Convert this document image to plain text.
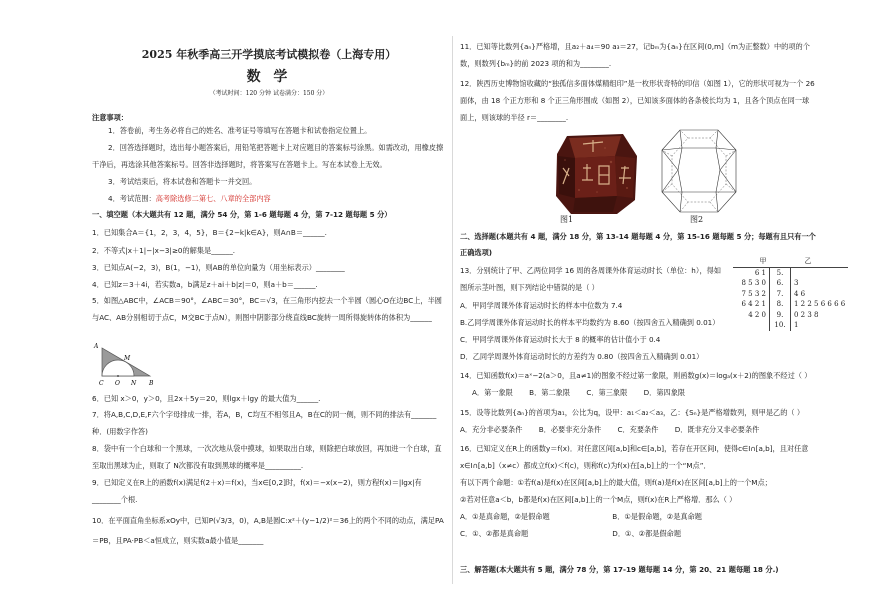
2025 年秋季高三开学摸底考试模拟卷（上海专用）
数 学
（考试时间：120 分钟 试卷满分：150 分）
注意事项：
1．答卷前，考生务必将自己的姓名、准考证号等填写在答题卡和试卷指定位置上。
2．回答选择题时，选出每小题答案后，用铅笔把答题卡上对应题目的答案标号涂黑。如需改动，用橡皮擦干净后，再选涂其他答案标号。回答非选择题时，将答案写在答题卡上。写在本试卷上无效。
3．考试结束后，将本试卷和答题卡一并交回。
4．考试范围：高考除选修二第七、八章的全部内容
一、填空题（本大题共有 12 题，满分 54 分，第 1-6 题每题 4 分，第 7-12 题每题 5 分）
1．已知集合A＝{1，2，3，4，5}，B＝{2−k|k∈A}，则A∩B＝______.
2．不等式|x＋1|−|x−3|≥0的解集是______.
3．已知点A(−2，3)，B(1，−1)，则AB的单位向量为（用坐标表示）________
4．已知z＝3＋4i，若实数a，b满足z＋ai＋b|z|＝0，则a＋b＝______.
5．如图△ABC中，∠ACB＝90°，∠ABC＝30°，BC＝√3，在三角形内挖去一个半圆（圆心O在边BC上，半圆与AC、AB分别相切于点C，M交BC于点N），则图中阴影部分绕直线BC旋转一周所得旋转体的体积为______
A
M
C O N B
6．已知 x＞0，y＞0，且2x＋5y＝20，则lgx＋lgy 的最大值为______.
7．将A,B,C,D,E,F六个字母排成一排，若A，B，C均互不相邻且A，B在C的同一侧，则不同的排法有_______种．(用数字作答)
8．袋中有一个白球和一个黑球，一次次地从袋中摸球，如果取出白球，则除把白球放回，再加进一个白球，直至取出黑球为止，则取了 N次都没有取到黑球的概率是__________.
9．已知定义在R上的函数f(x)满足f(2＋x)＝f(x)，当x∈[0,2]时，f(x)＝−x(x−2)，则方程f(x)＝|lgx|有________个根.
10．在平面直角坐标系xOy中，已知P(√3/3，0)，A,B是圆C:x²＋(y−1/2)²＝36上的两个不同的动点，满足PA＝PB，且PA·PB＜a恒成立，则实数a最小值是_______
11．已知等比数列{aₙ}严格增，且a₂＋a₄＝90 a₃＝27，记bₘ为{aₙ}在区间(0,m]（m为正整数）中的项的个数，则数列{bₘ}的前 2023 项的和为________.
12．陕西历史博物馆收藏的“独孤信多面体煤精组印”是一枚形状奇特的印信（如图 1），它的形状可视为一个 26面体，由 18 个正方形和 8 个正三角形围成（如图 2），已知该多面体的各条棱长均为 1，且各个顶点在同一球面上，则该球的半径 r＝________.
图1	图2
二、选择题(本题共有 4 题，满分 18 分，第 13-14 题每题 4 分，第 15-16 题每题 5 分；每题有且只有一个正确选项)
13．分别统计了甲、乙两位同学 16 周的各周课外体育运动时长（单位：h），得如图所示茎叶图，则下列结论中错误的是（ ）
A．甲同学周课外体育运动时长的样本中位数为 7.4
B.乙同学周课外体育运动时长的样本平均数约为 8.60（按四舍五入精确到 0.01）
C．甲同学周课外体育运动时长大于 8 的概率的估计值小于 0.4
D．乙同学周课外体育运动时长的方差约为 0.80（按四舍五入精确到 0.01）
甲		乙
6 1	5.	
8 5 3 0	6.	3
7 5 3 2	7.	4 6
6 4 2 1	8.	1 2 2 5 6 6 6 6
4 2 0	9.	0 2 3 8
	10.	1
14．已知函数f(x)＝aˣ−2(a＞0，且a≠1)的图象不经过第一象限，则函数g(x)＝logₐ(x＋2)的图象不经过（ ） A．第一象限 B．第二象限 C．第三象限 D．第四象限
15．设等比数列{aₙ}的首项为a₁，公比为q，设甲：a₁＜a₂＜a₃，乙：{Sₙ}是严格增数列，则甲是乙的（ ）
A．充分非必要条件 B．必要非充分条件 C．充要条件 D．既非充分又非必要条件
16．已知定义在R上的函数y＝f(x)．对任意区间[a,b]和c∈[a,b]，若存在开区间I，使得c∈I∩[a,b]，且对任意x∈I∩[a,b]（x≠c）都成立f(x)＜f(c)，则称f(c)为f(x)在[a,b]上的一个“M点”．
有以下两个命题：①若f(a)是f(x)在区间[a,b]上的最大值，则f(a)是f(x)在区间[a,b]上的一个M点；
②若对任意a＜b，b都是f(x)在区间[a,b]上的一个M点，则f(x)在R上严格增．那么（ ）
A．①是真命题，②是假命题	B．①是假命题，②是真命题
C．①、②都是真命题	D．①、②都是假命题
三、解答题(本大题共有 5 题，满分 78 分，第 17-19 题每题 14 分，第 20、21 题每题 18 分.)
